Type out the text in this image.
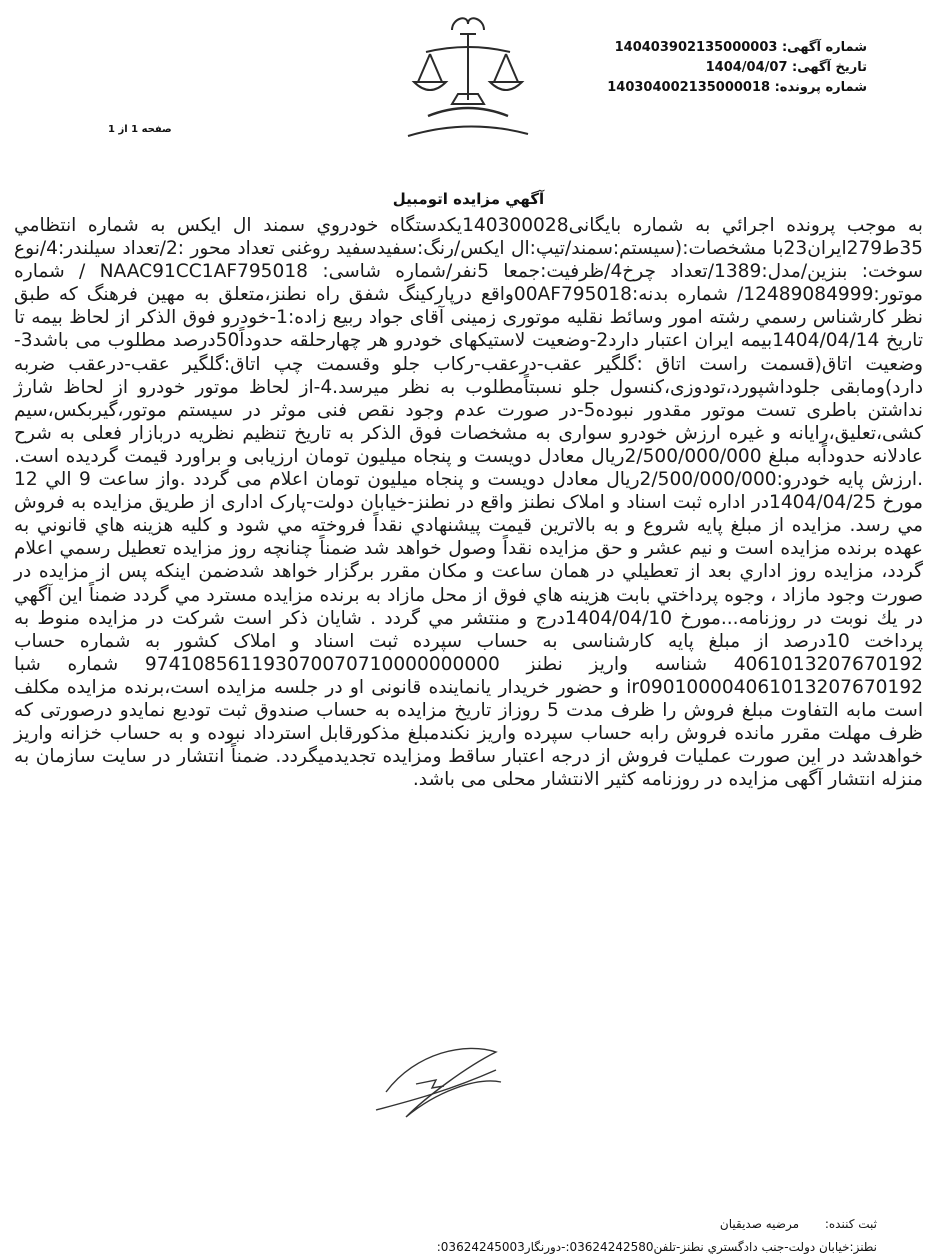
شماره آگهی: 140403902135000003
تاریخ آگهی: 1404/04/07
شماره پرونده: 140304002135000018
صفحه 1 از 1
آگهي مزايده اتومبيل
به موجب پرونده اجرائي به شماره بايگانی140300028يكدستگاه خودروي سمند ال ايكس به شماره انتظامي 35ط279ایران23با مشخصات:(سیستم:سمند/تیپ:ال ایکس/رنگ:سفیدسفید روغنی تعداد محور :2/تعداد سیلندر:4/نوع سوخت: بنزین/مدل:1389/تعداد چرخ4/ظرفیت:جمعا 5نفر/شماره شاسی: NAAC91CC1AF795018 / شماره موتور:12489084999/ شماره بدنه:00AF795018واقع درپارکینگ شفق راه نطنز،متعلق به مهین فرهنگ که طبق نظر کارشناس رسمي رشته امور وسائط نقلیه موتوری زمینی آقای جواد ربیع زاده:1-خودرو فوق الذکر از لحاظ بیمه تا تاریخ 1404/04/14بیمه ایران اعتبار دارد2-وضعیت لاستیکهای خودرو هر چهارحلقه حدوداً50درصد مطلوب می باشد3-وضعیت اتاق(قسمت راست اتاق :گلگیر عقب-درعقب-رکاب جلو وقسمت چپ اتاق:گلگیر عقب-درعقب ضربه دارد)ومابقی جلوداشپورد،تودوزی،کنسول جلو نسبتاًمطلوب به نظر میرسد.4-از لحاظ موتور خودرو از لحاظ شارژ نداشتن باطری تست موتور مقدور نبوده5-در صورت عدم وجود نقص فنی موثر در سیستم موتور،گیربکس،سیم کشی،تعلیق،رایانه و غیره ارزش خودرو سواری به مشخصات فوق الذکر به تاریخ تنظیم نظریه دربازار فعلی به شرح عادلانه حدوداًبه مبلغ 2/500/000/000ریال معادل دویست و پنجاه میلیون تومان ارزیابی و براورد قیمت گردیده است. .ارزش پایه خودرو:2/500/000/000ریال معادل دویست و پنجاه میلیون تومان اعلام می گردد .واز ساعت 9 الي 12 مورخ 1404/04/25در اداره ثبت اسناد و املاک نطنز واقع در نطنز-خیابان دولت-پارک اداری از طريق مزايده به فروش مي رسد. مزايده از مبلغ پايه شروع و به بالاترين قيمت پيشنهادي نقداً فروخته مي شود و کليه هزينه هاي قانوني به عهده برنده مزايده است و نيم عشر و حق مزايده نقداً وصول خواهد شد ضمناً چنانچه روز مزايده تعطيل رسمي اعلام گردد، مزايده روز اداري بعد از تعطيلي در همان ساعت و مکان مقرر برگزار خواهد شدضمن اينکه پس از مزايده در صورت وجود مازاد ، وجوه پرداختي بابت هزينه هاي فوق از محل مازاد به برنده مزايده مسترد مي گردد ضمناً اين آگهي در يك نوبت در روزنامه...مورخ 1404/04/10درج و منتشر مي گردد . شایان ذکر است شرکت در مزایده منوط به پرداخت 10درصد از مبلغ پایه کارشناسی به حساب سپرده ثبت اسناد و املاک کشور به شماره حساب 4061013207670192 شناسه واریز نطنز 974108561193070070710000000000 شماره شبا ir090100004061013207670192 و حضور خریدار یانماینده قانونی او در جلسه مزایده است،برنده مزایده مکلف است مابه التفاوت مبلغ فروش را ظرف مدت 5 روزاز تاریخ مزایده به حساب صندوق ثبت تودیع نمایدو درصورتی که ظرف مهلت مقرر مانده فروش رابه حساب سپرده واریز نکندمبلغ مذکورقابل استرداد نبوده و به حساب خزانه واریز خواهدشد در این صورت عملیات فروش از درجه اعتبار ساقط ومزایده تجدیدمیگردد. ضمناً انتشار در سایت سازمان به منزله انتشار آگهی مزایده در روزنامه کثیر الانتشار محلی می باشد.
ثبت کننده: مرضیه صدیقیان
نطنز:خیابان دولت-جنب دادگستري نطنز-تلفن03624242580:-دورنگار03624245003:
